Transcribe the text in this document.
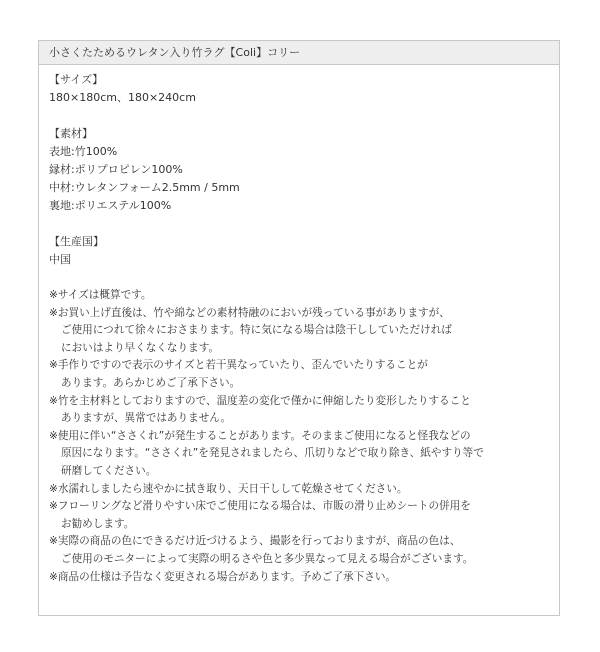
小さくたためるウレタン入り竹ラグ【Coli】コリー
【サイズ】
180×180cm、180×240cm
【素材】
表地:竹100%
縁材:ポリプロピレン100%
中材:ウレタンフォーム2.5mm / 5mm
裏地:ポリエステル100%
【生産国】
中国
※サイズは概算です。
※お買い上げ直後は、竹や綿などの素材特融のにおいが残っている事がありますが、
ご使用につれて徐々におさまります。特に気になる場合は陰干ししていただければ
においはより早くなくなります。
※手作りですので表示のサイズと若干異なっていたり、歪んでいたりすることが
あります。あらかじめご了承下さい。
※竹を主材料としておりますので、温度差の変化で僅かに伸縮したり変形したりすること
ありますが、異常ではありません。
※使用に伴い“ささくれ”が発生することがあります。そのままご使用になると怪我などの
原因になります。“ささくれ”を発見されましたら、爪切りなどで取り除き、紙やすり等で
研磨してください。
※水濡れしましたら速やかに拭き取り、天日干しして乾燥させてください。
※フローリングなど滑りやすい床でご使用になる場合は、市販の滑り止めシートの併用を
お勧めします。
※実際の商品の色にできるだけ近づけるよう、撮影を行っておりますが、商品の色は、
ご使用のモニターによって実際の明るさや色と多少異なって見える場合がございます。
※商品の仕様は予告なく変更される場合があります。予めご了承下さい。
